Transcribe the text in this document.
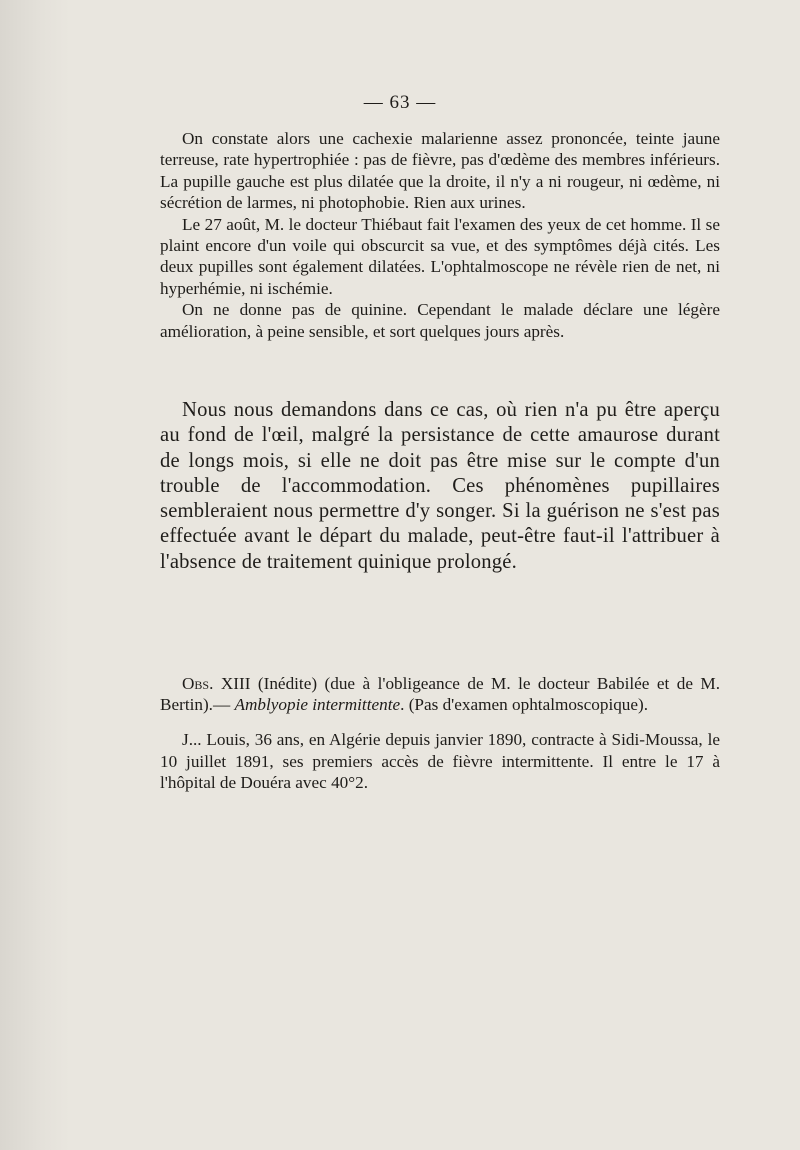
— 63 —

On constate alors une cachexie malarienne assez prononcée, teinte jaune terreuse, rate hypertrophiée : pas de fièvre, pas d'œdème des membres inférieurs. La pupille gauche est plus dilatée que la droite, il n'y a ni rougeur, ni œdème, ni sécrétion de larmes, ni photophobie. Rien aux urines.

Le 27 août, M. le docteur Thiébaut fait l'examen des yeux de cet homme. Il se plaint encore d'un voile qui obscurcit sa vue, et des symptômes déjà cités. Les deux pupilles sont également dilatées. L'ophtalmoscope ne révèle rien de net, ni hyperhémie, ni ischémie.

On ne donne pas de quinine. Cependant le malade déclare une légère amélioration, à peine sensible, et sort quelques jours après.

Nous nous demandons dans ce cas, où rien n'a pu être aperçu au fond de l'œil, malgré la persistance de cette amaurose durant de longs mois, si elle ne doit pas être mise sur le compte d'un trouble de l'accommodation. Ces phénomènes pupillaires sembleraient nous permettre d'y songer. Si la guérison ne s'est pas effectuée avant le départ du malade, peut-être faut-il l'attribuer à l'absence de traitement quinique prolongé.

Obs. XIII (Inédite) (due à l'obligeance de M. le docteur Babilée et de M. Bertin).— Amblyopie intermittente. (Pas d'examen ophtalmoscopique).

J... Louis, 36 ans, en Algérie depuis janvier 1890, contracte à Sidi-Moussa, le 10 juillet 1891, ses premiers accès de fièvre intermittente. Il entre le 17 à l'hôpital de Douéra avec 40°2.
